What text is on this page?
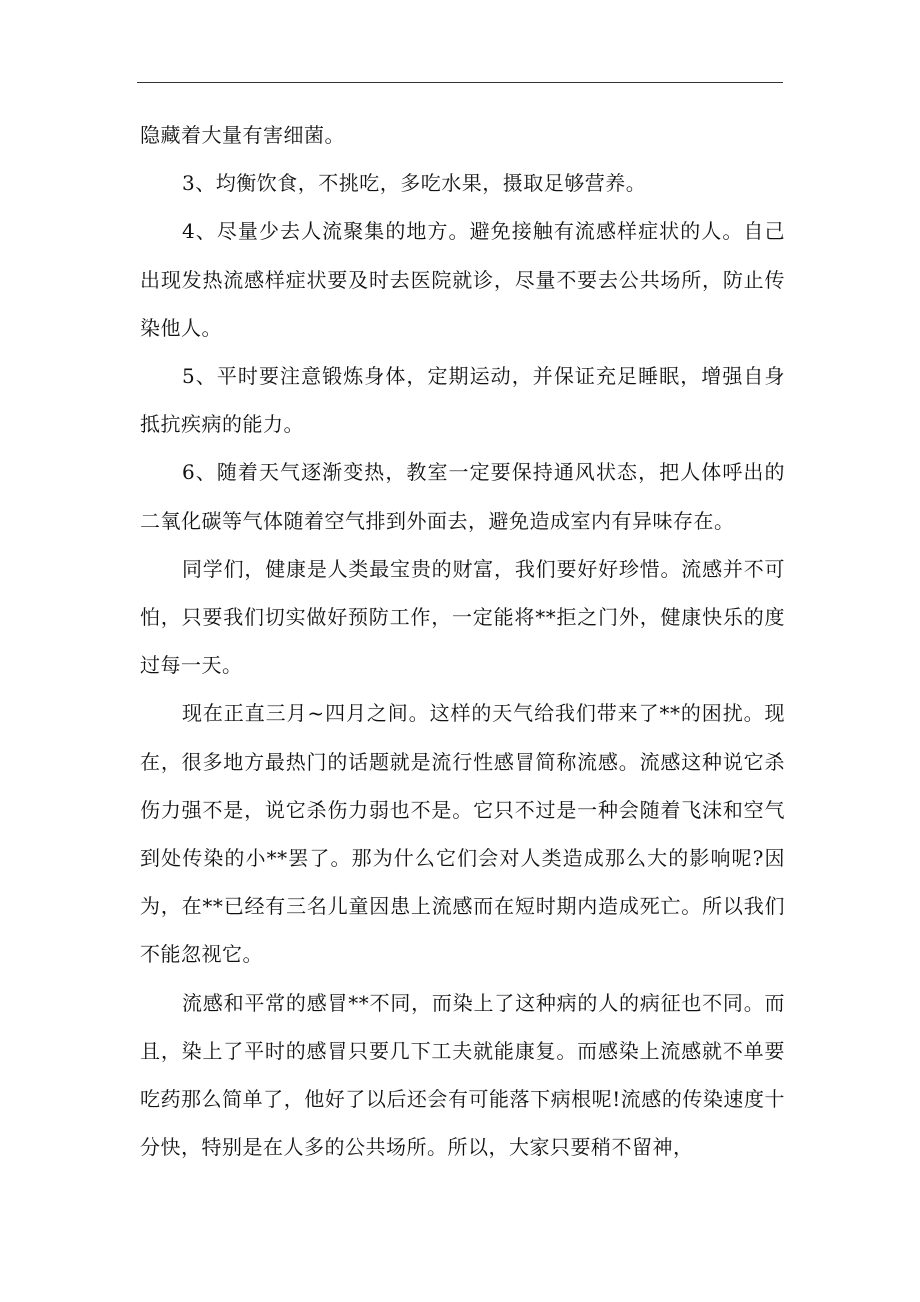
隐藏着大量有害细菌。

3、均衡饮食，不挑吃，多吃水果，摄取足够营养。

4、尽量少去人流聚集的地方。避免接触有流感样症状的人。自己出现发热流感样症状要及时去医院就诊，尽量不要去公共场所，防止传染他人。

5、平时要注意锻炼身体，定期运动，并保证充足睡眠，增强自身抵抗疾病的能力。

6、随着天气逐渐变热，教室一定要保持通风状态，把人体呼出的二氧化碳等气体随着空气排到外面去，避免造成室内有异味存在。

同学们，健康是人类最宝贵的财富，我们要好好珍惜。流感并不可怕，只要我们切实做好预防工作，一定能将**拒之门外，健康快乐的度过每一天。

现在正直三月~四月之间。这样的天气给我们带来了**的困扰。现在，很多地方最热门的话题就是流行性感冒简称流感。流感这种说它杀伤力强不是，说它杀伤力弱也不是。它只不过是一种会随着飞沫和空气到处传染的小**罢了。那为什么它们会对人类造成那么大的影响呢?因为，在**已经有三名儿童因患上流感而在短时期内造成死亡。所以我们不能忽视它。

流感和平常的感冒**不同，而染上了这种病的人的病征也不同。而且，染上了平时的感冒只要几下工夫就能康复。而感染上流感就不单要吃药那么简单了，他好了以后还会有可能落下病根呢!流感的传染速度十分快，特别是在人多的公共场所。所以，大家只要稍不留神，
